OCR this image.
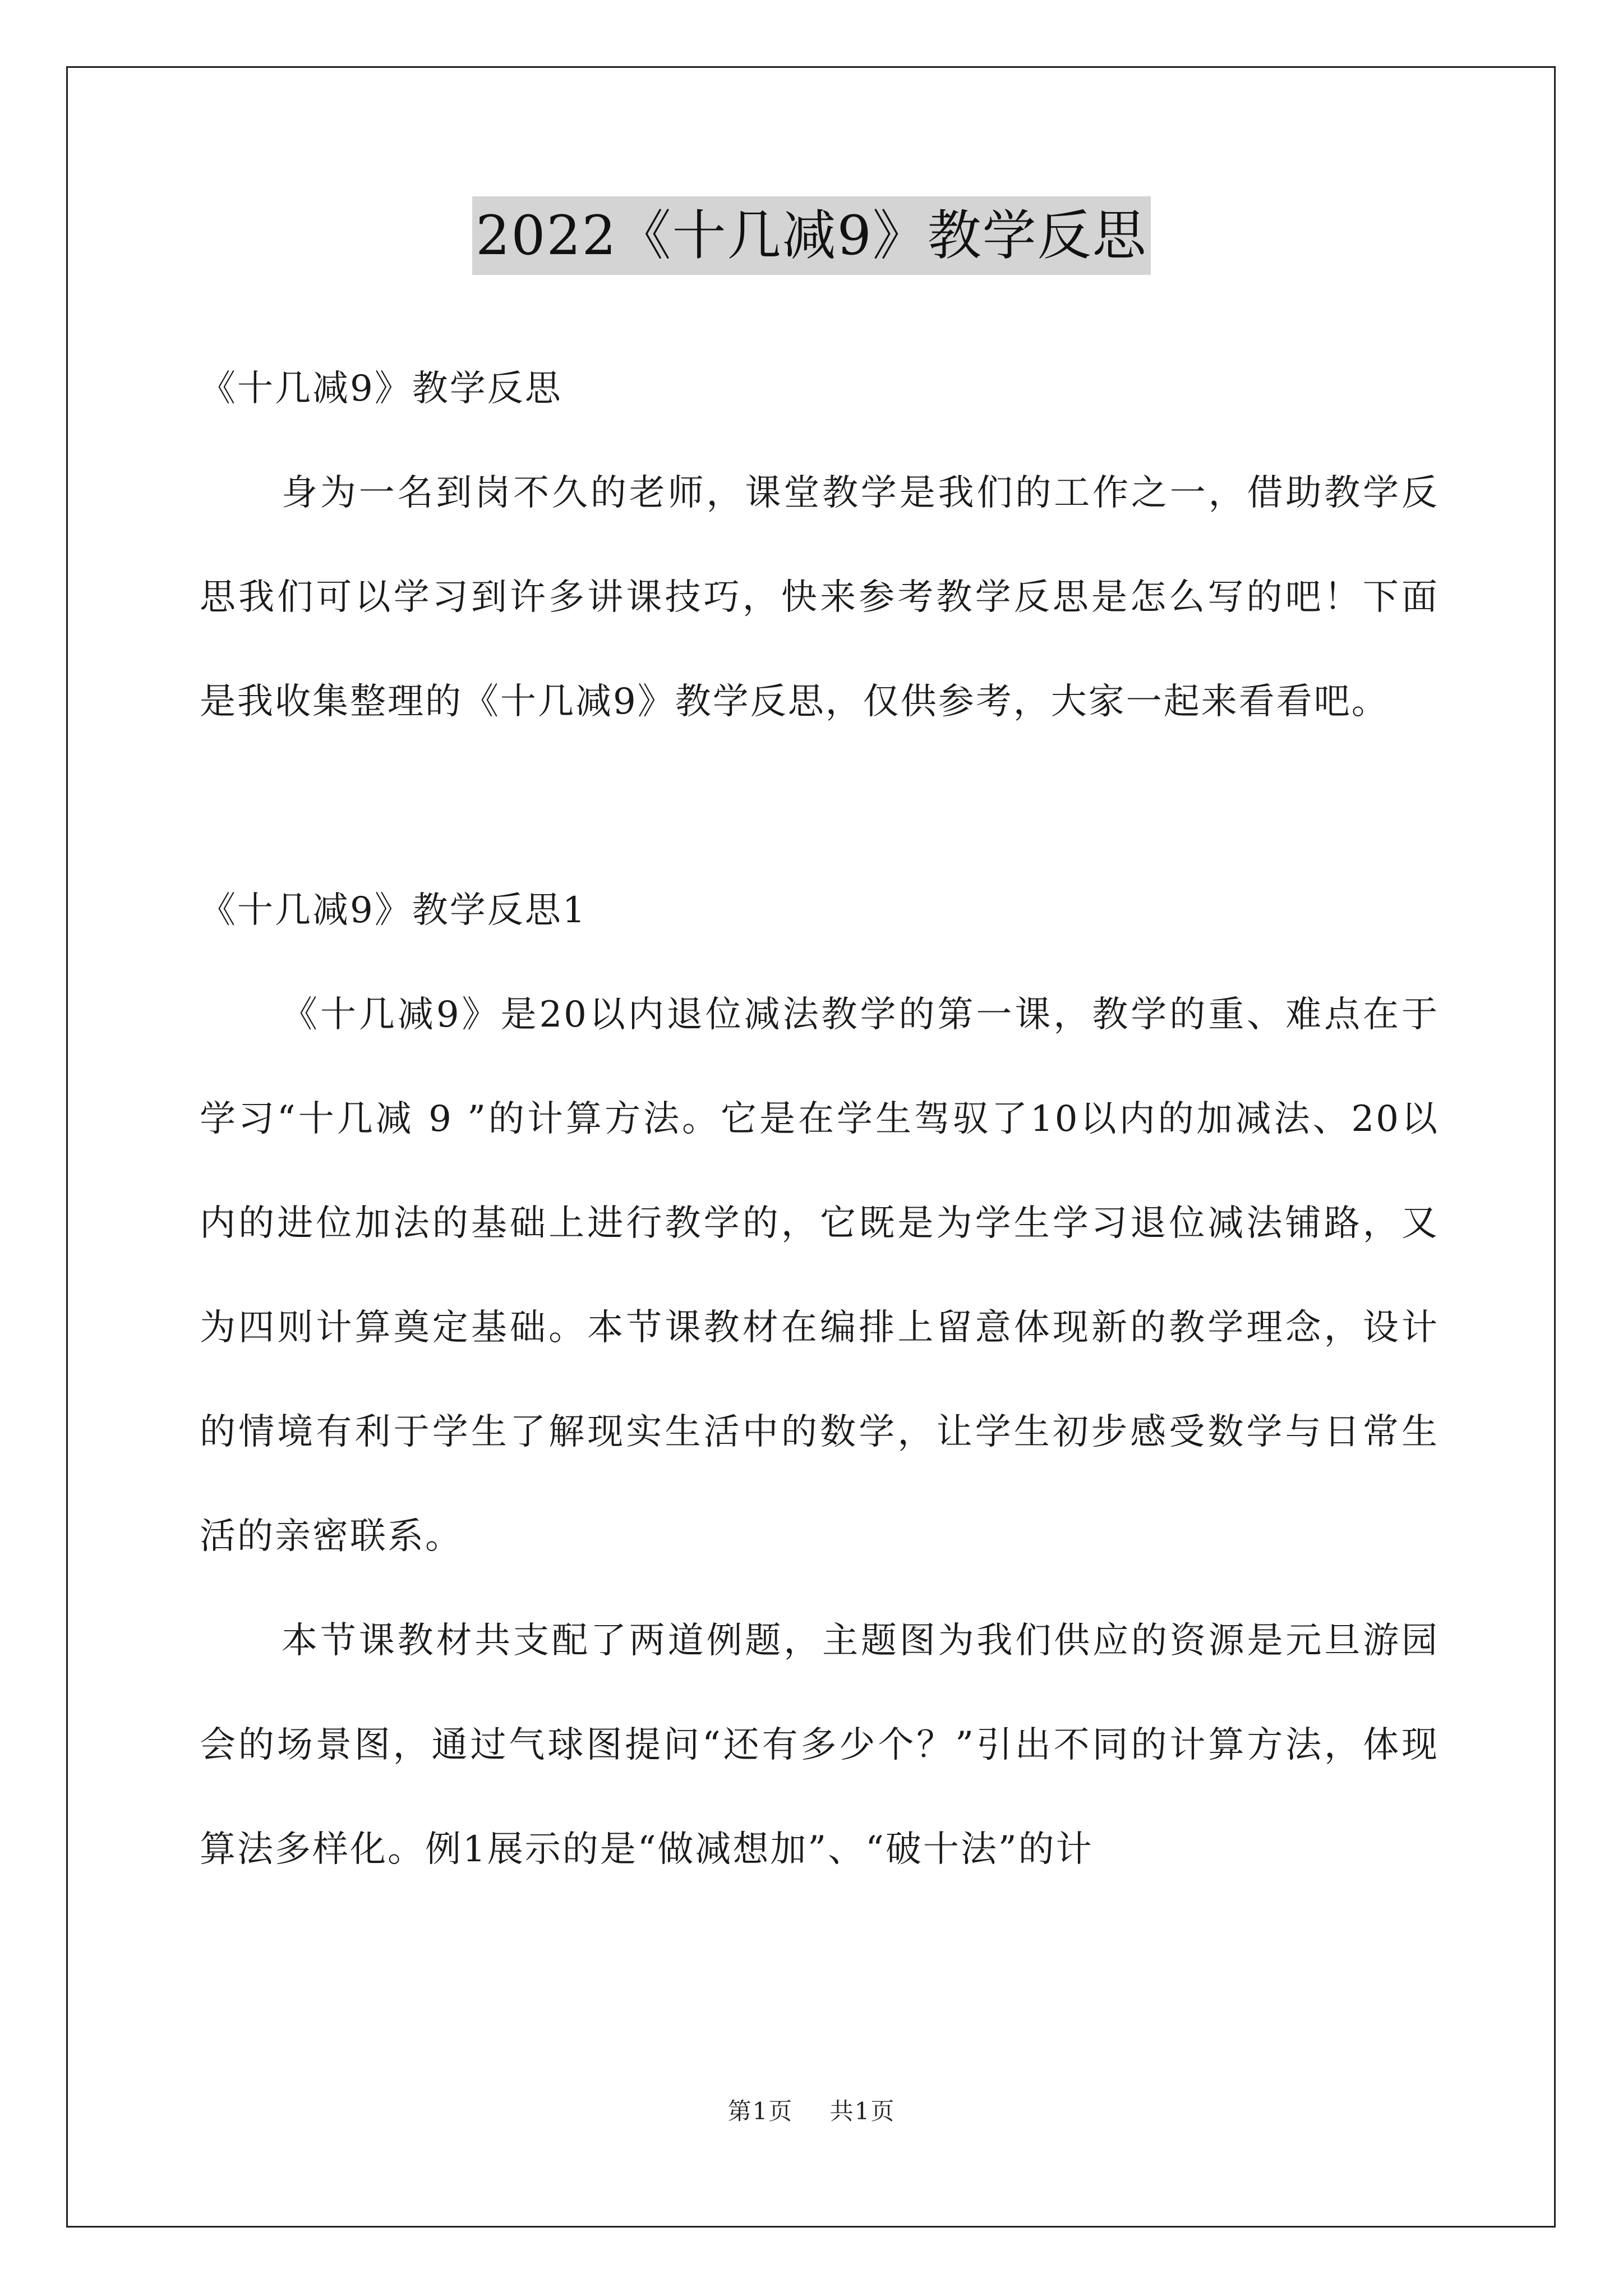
2022《十几减9》教学反思

《十几减9》教学反思

身为一名到岗不久的老师，课堂教学是我们的工作之一，借助教学反思我们可以学习到许多讲课技巧，快来参考教学反思是怎么写的吧！下面是我收集整理的《十几减9》教学反思，仅供参考，大家一起来看看吧。

《十几减9》教学反思1

《十几减9》是20以内退位减法教学的第一课，教学的重、难点在于学习“十几减 9 ”的计算方法。它是在学生驾驭了10以内的加减法、20以内的进位加法的基础上进行教学的，它既是为学生学习退位减法铺路，又为四则计算奠定基础。本节课教材在编排上留意体现新的教学理念，设计的情境有利于学生了解现实生活中的数学，让学生初步感受数学与日常生活的亲密联系。

本节课教材共支配了两道例题，主题图为我们供应的资源是元旦游园会的场景图，通过气球图提问“还有多少个？”引出不同的计算方法，体现算法多样化。例1展示的是“做减想加”、“破十法”的计

第1页 共1页
